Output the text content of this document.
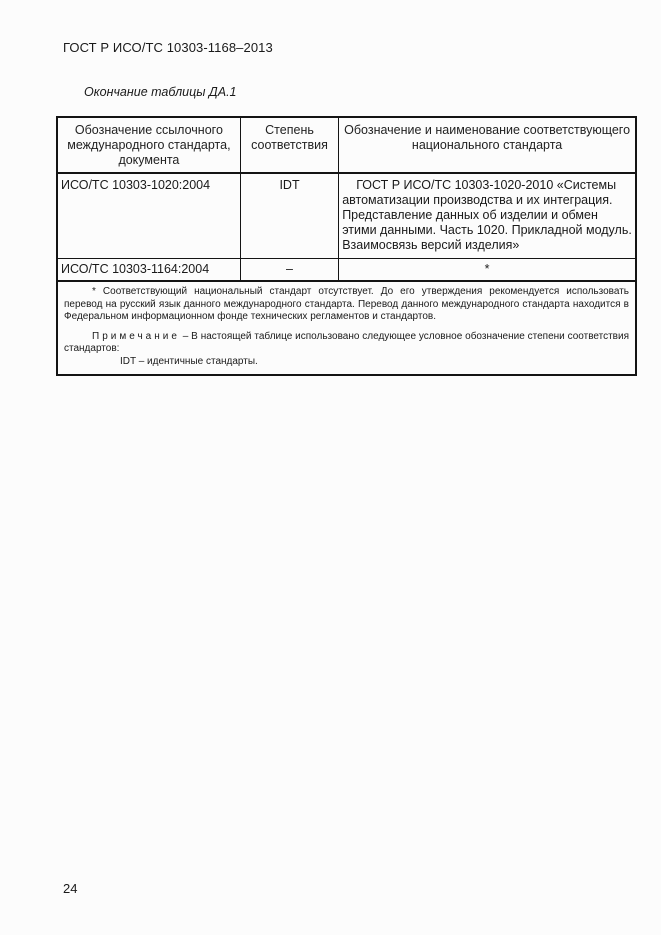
ГОСТ Р ИСО/ТС 10303-1168–2013
Окончание таблицы ДА.1
Обозначение ссылочного международного стандарта, документа	Степень соответствия	Обозначение и наименование соответствующего национального стандарта

ИСО/ТС 10303-1020:2004	IDT	ГОСТ Р ИСО/ТС 10303-1020-2010 «Системы автоматизации производства и их интеграция. Представление данных об изделии и обмен этими данными. Часть 1020. Прикладной модуль. Взаимосвязь версий изделия»

ИСО/ТС 10303-1164:2004	–	*

* Соответствующий национальный стандарт отсутствует. До его утверждения рекомендуется использовать перевод на русский язык данного международного стандарта. Перевод данного международного стандарта находится в Федеральном информационном фонде технических регламентов и стандартов.

Примечание – В настоящей таблице использовано следующее условное обозначение степени соответствия стандартов:

IDT – идентичные стандарты.		

24
